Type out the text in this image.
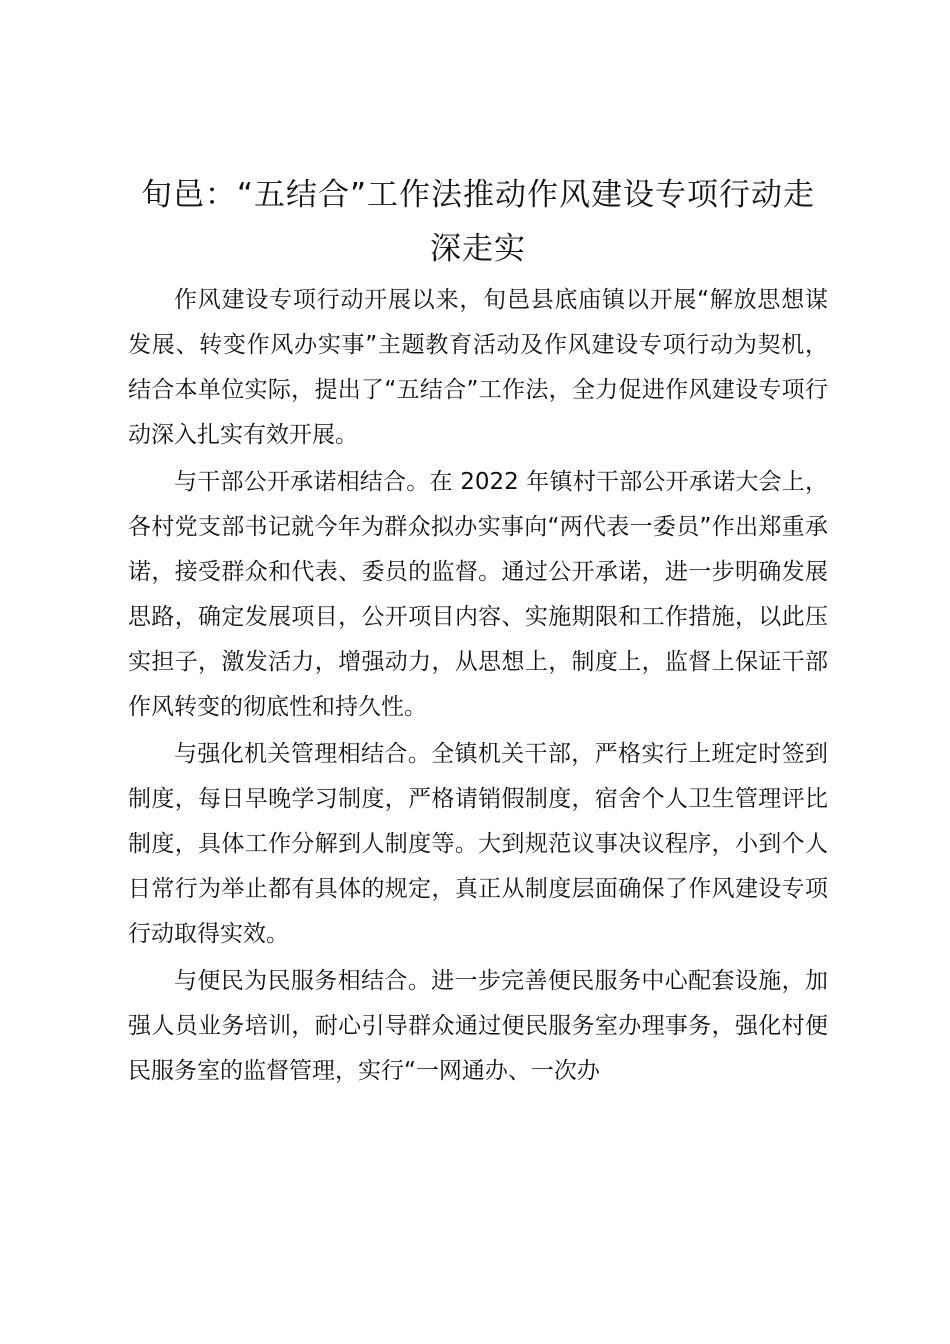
旬邑：“五结合”工作法推动作风建设专项行动走深走实

作风建设专项行动开展以来，旬邑县底庙镇以开展“解放思想谋发展、转变作风办实事”主题教育活动及作风建设专项行动为契机，结合本单位实际，提出了“五结合”工作法，全力促进作风建设专项行动深入扎实有效开展。

与干部公开承诺相结合。在 2022 年镇村干部公开承诺大会上，各村党支部书记就今年为群众拟办实事向“两代表一委员”作出郑重承诺，接受群众和代表、委员的监督。通过公开承诺，进一步明确发展思路，确定发展项目，公开项目内容、实施期限和工作措施，以此压实担子，激发活力，增强动力，从思想上，制度上，监督上保证干部作风转变的彻底性和持久性。

与强化机关管理相结合。全镇机关干部，严格实行上班定时签到制度，每日早晚学习制度，严格请销假制度，宿舍个人卫生管理评比制度，具体工作分解到人制度等。大到规范议事决议程序，小到个人日常行为举止都有具体的规定，真正从制度层面确保了作风建设专项行动取得实效。

与便民为民服务相结合。进一步完善便民服务中心配套设施，加强人员业务培训，耐心引导群众通过便民服务室办理事务，强化村便民服务室的监督管理，实行“一网通办、一次办
